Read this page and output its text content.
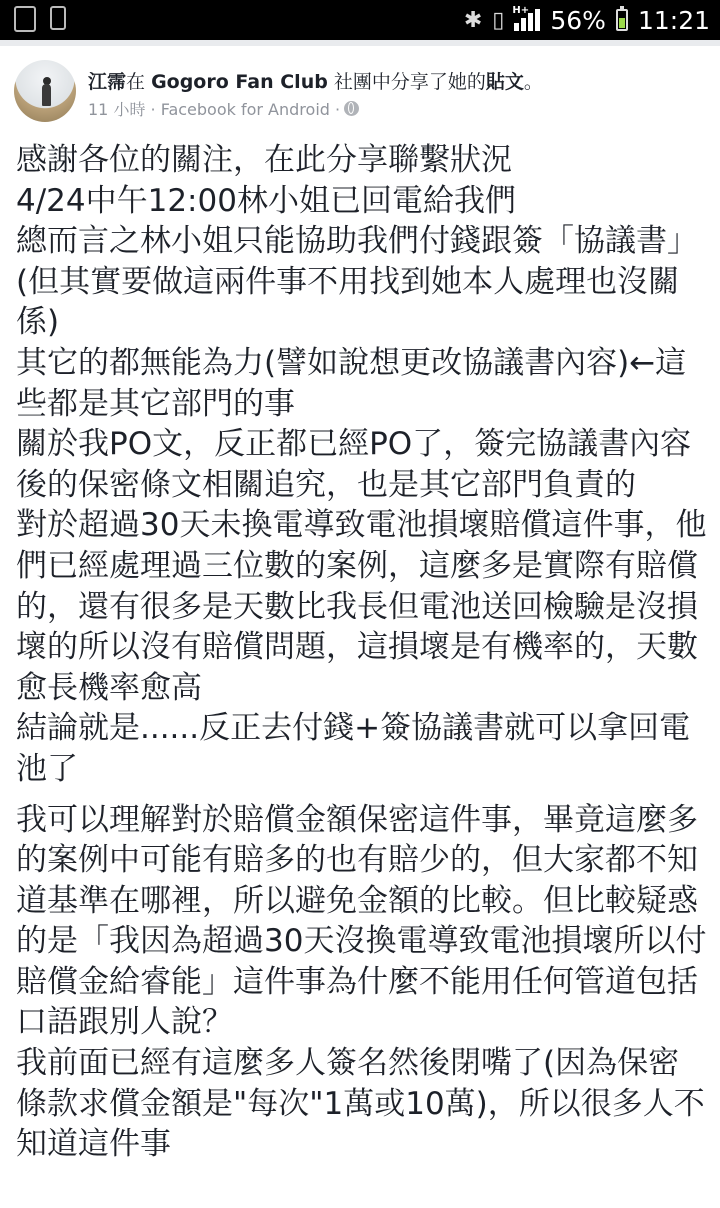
✱ ▯ H+ 56% 11:21
江霈在 Gogoro Fan Club 社團中分享了她的貼文。
11 小時 · Facebook for Android ·

感謝各位的關注，在此分享聯繫狀況

4/24中午12:00林小姐已回電給我們

總而言之林小姐只能協助我們付錢跟簽「協議書」(但其實要做這兩件事不用找到她本人處理也沒關係)

其它的都無能為力(譬如說想更改協議書內容)←這些都是其它部門的事

關於我PO文，反正都已經PO了，簽完協議書內容後的保密條文相關追究，也是其它部門負責的

對於超過30天未換電導致電池損壞賠償這件事，他們已經處理過三位數的案例，這麼多是實際有賠償的，還有很多是天數比我長但電池送回檢驗是沒損壞的所以沒有賠償問題，這損壞是有機率的，天數愈長機率愈高

結論就是......反正去付錢+簽協議書就可以拿回電池了

我可以理解對於賠償金額保密這件事，畢竟這麼多的案例中可能有賠多的也有賠少的，但大家都不知道基準在哪裡，所以避免金額的比較。但比較疑惑的是「我因為超過30天沒換電導致電池損壞所以付賠償金給睿能」這件事為什麼不能用任何管道包括口語跟別人說？

我前面已經有這麼多人簽名然後閉嘴了(因為保密條款求償金額是"每次"1萬或10萬)，所以很多人不知道這件事
